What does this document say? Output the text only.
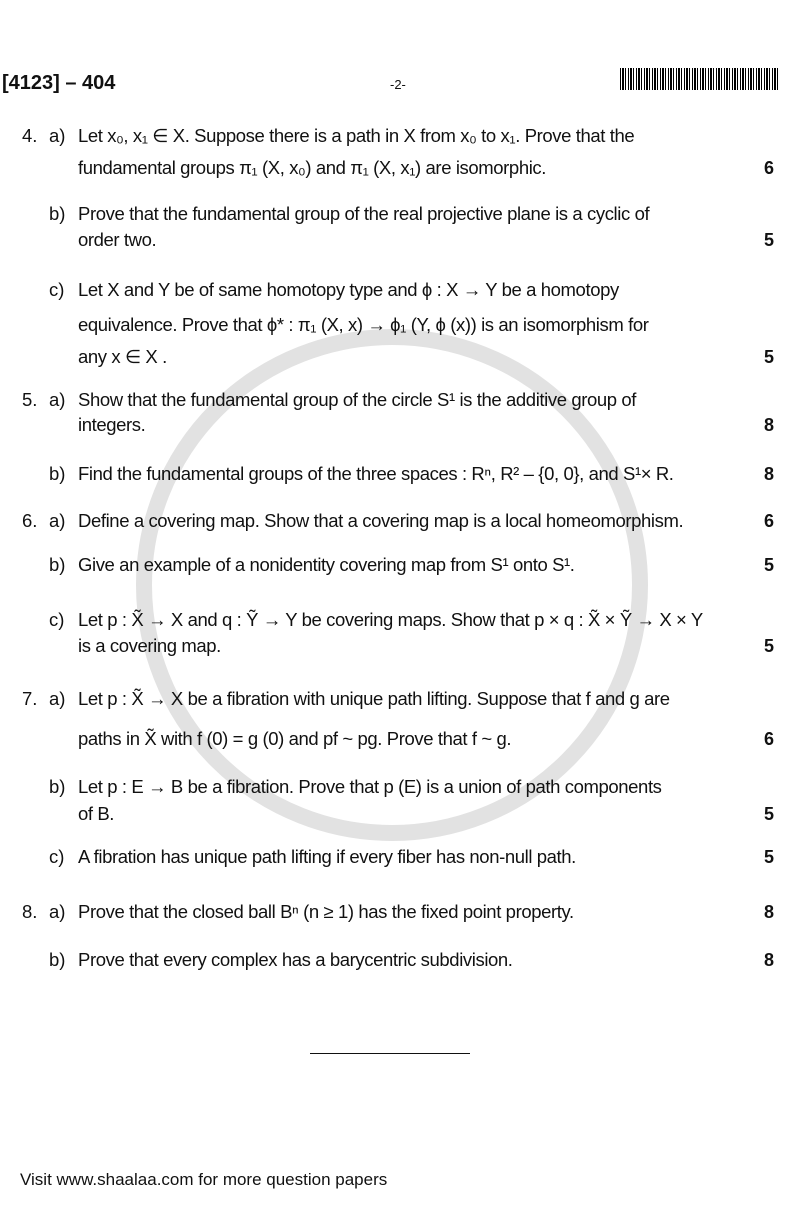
[4123] – 404	-2-
4. a) Let x₀, x₁ ∈ X. Suppose there is a path in X from x₀ to x₁. Prove that the
fundamental groups π₁ (X, x₀) and π₁ (X, x₁) are isomorphic.	6
b) Prove that the fundamental group of the real projective plane is a cyclic of
order two.	5
c) Let X and Y be of same homotopy type and ϕ : X → Y be a homotopy
equivalence. Prove that ϕ* : π₁ (X, x) → ϕ₁ (Y, ϕ (x)) is an isomorphism for
any x ∈ X .	5
5. a) Show that the fundamental group of the circle S¹ is the additive group of
integers.	8
b) Find the fundamental groups of the three spaces : Rⁿ, R² – {0, 0}, and S¹× R.	8
6. a) Define a covering map. Show that a covering map is a local homeomorphism.	6
b) Give an example of a nonidentity covering map from S¹ onto S¹.	5
c) Let p : X̃ → X and q : Ỹ → Y be covering maps. Show that p × q : X̃ × Ỹ → X × Y
is a covering map.	5
7. a) Let p : X̃ → X be a fibration with unique path lifting. Suppose that f and g are
paths in X̃ with f (0) = g (0) and pf ~ pg. Prove that f ~ g.	6
b) Let p : E → B be a fibration. Prove that p (E) is a union of path components
of B.	5
c) A fibration has unique path lifting if every fiber has non-null path.	5
8. a) Prove that the closed ball Bⁿ (n ≥ 1) has the fixed point property.	8
b) Prove that every complex has a barycentric subdivision.	8
Visit www.shaalaa.com for more question papers
